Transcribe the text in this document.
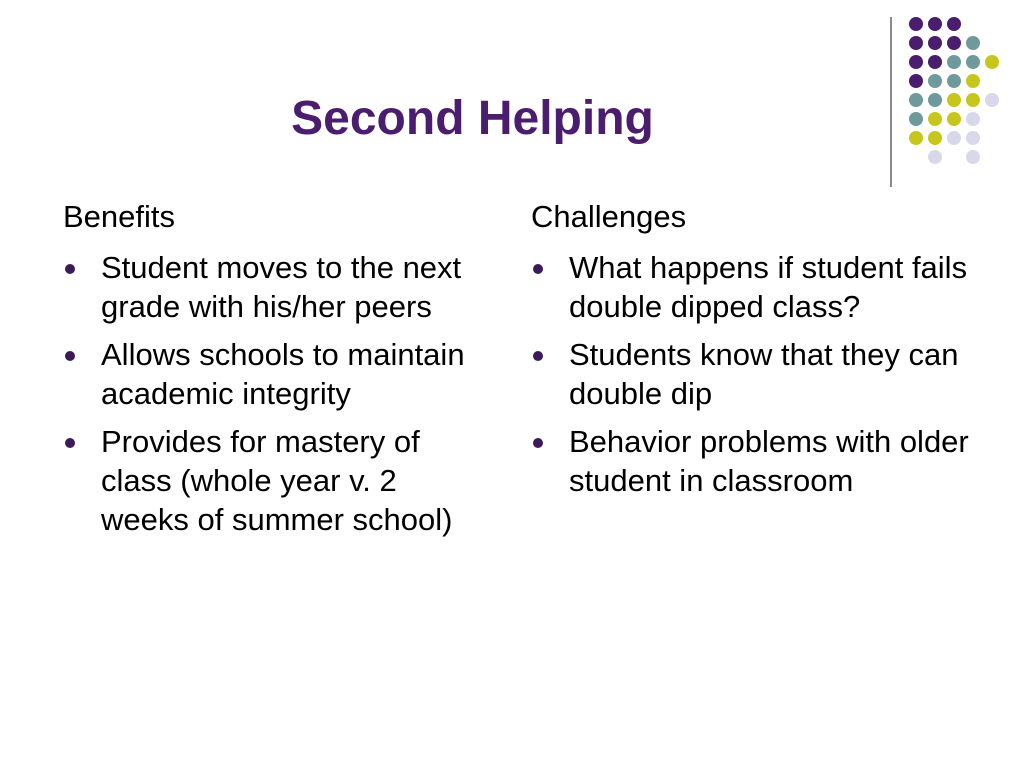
Second Helping
Benefits
Student moves to the next grade with his/her peers
Allows schools to maintain academic integrity
Provides for mastery of class (whole year v. 2 weeks of summer school)
Challenges
What happens if student fails double dipped class?
Students know that they can double dip
Behavior problems with older student in classroom
